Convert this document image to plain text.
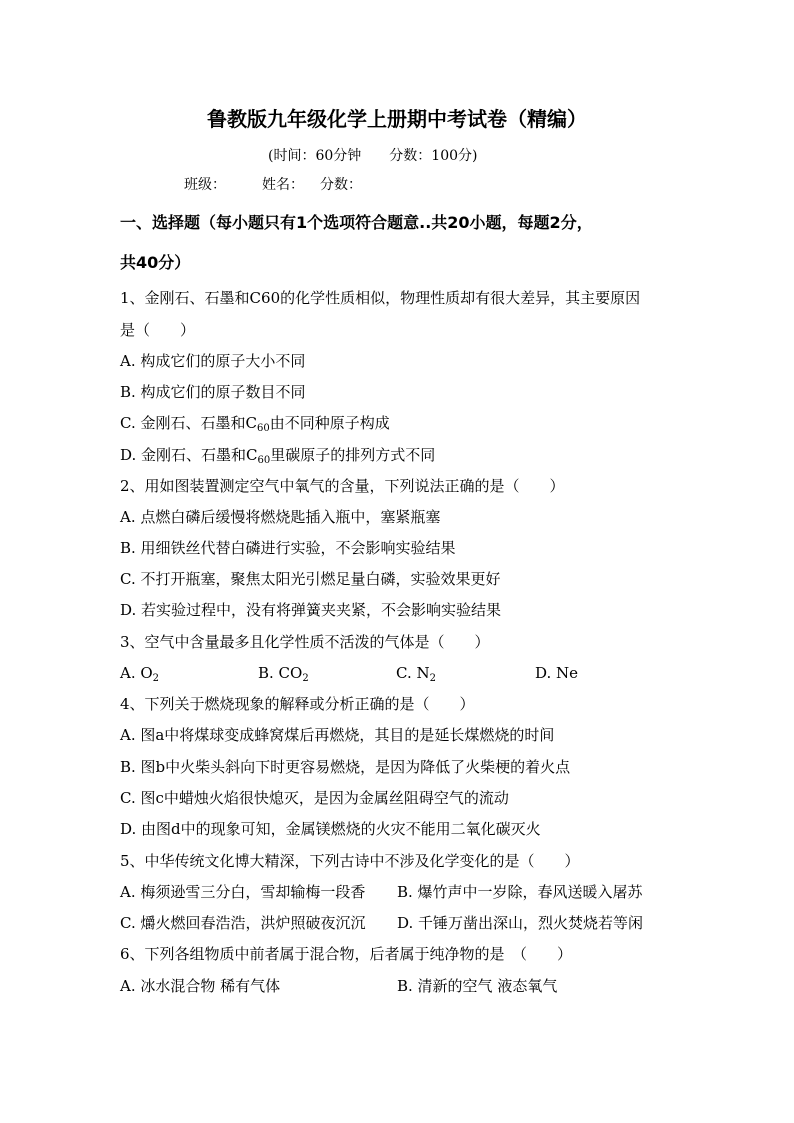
鲁教版九年级化学上册期中考试卷（精编）
(时间：60分钟 分数：100分)
班级：	姓名： 分数：
一、选择题（每小题只有1个选项符合题意..共20小题，每题2分，
共40分）
1、金刚石、石墨和C60的化学性质相似，物理性质却有很大差异，其主要原因
是（　　）
A. 构成它们的原子大小不同
B. 构成它们的原子数目不同
C. 金刚石、石墨和$C_{60}$由不同种原子构成
D. 金刚石、石墨和$C_{60}$里碳原子的排列方式不同
2、用如图装置测定空气中氧气的含量，下列说法正确的是（　　）
A. 点燃白磷后缓慢将燃烧匙插入瓶中，塞紧瓶塞
B. 用细铁丝代替白磷进行实验，不会影响实验结果
C. 不打开瓶塞，聚焦太阳光引燃足量白磷，实验效果更好
D. 若实验过程中，没有将弹簧夹夹紧，不会影响实验结果
3、空气中含量最多且化学性质不活泼的气体是（　　）
A. $O_2$	B. $CO_2$	C. $N_2$	D. Ne
4、下列关于燃烧现象的解释或分析正确的是（　　）
A. 图a中将煤球变成蜂窝煤后再燃烧，其目的是延长煤燃烧的时间
B. 图b中火柴头斜向下时更容易燃烧，是因为降低了火柴梗的着火点
C. 图c中蜡烛火焰很快熄灭，是因为金属丝阻碍空气的流动
D. 由图d中的现象可知，金属镁燃烧的火灾不能用二氧化碳灭火
5、中华传统文化博大精深，下列古诗中不涉及化学变化的是（　　）
A. 梅须逊雪三分白，雪却输梅一段香 B. 爆竹声中一岁除，春风送暖入屠苏
C. 爝火燃回春浩浩，洪炉照破夜沉沉 D. 千锤万凿出深山，烈火焚烧若等闲
6、下列各组物质中前者属于混合物，后者属于纯净物的是　（　　）
A. 冰水混合物 稀有气体	B. 清新的空气 液态氧气
